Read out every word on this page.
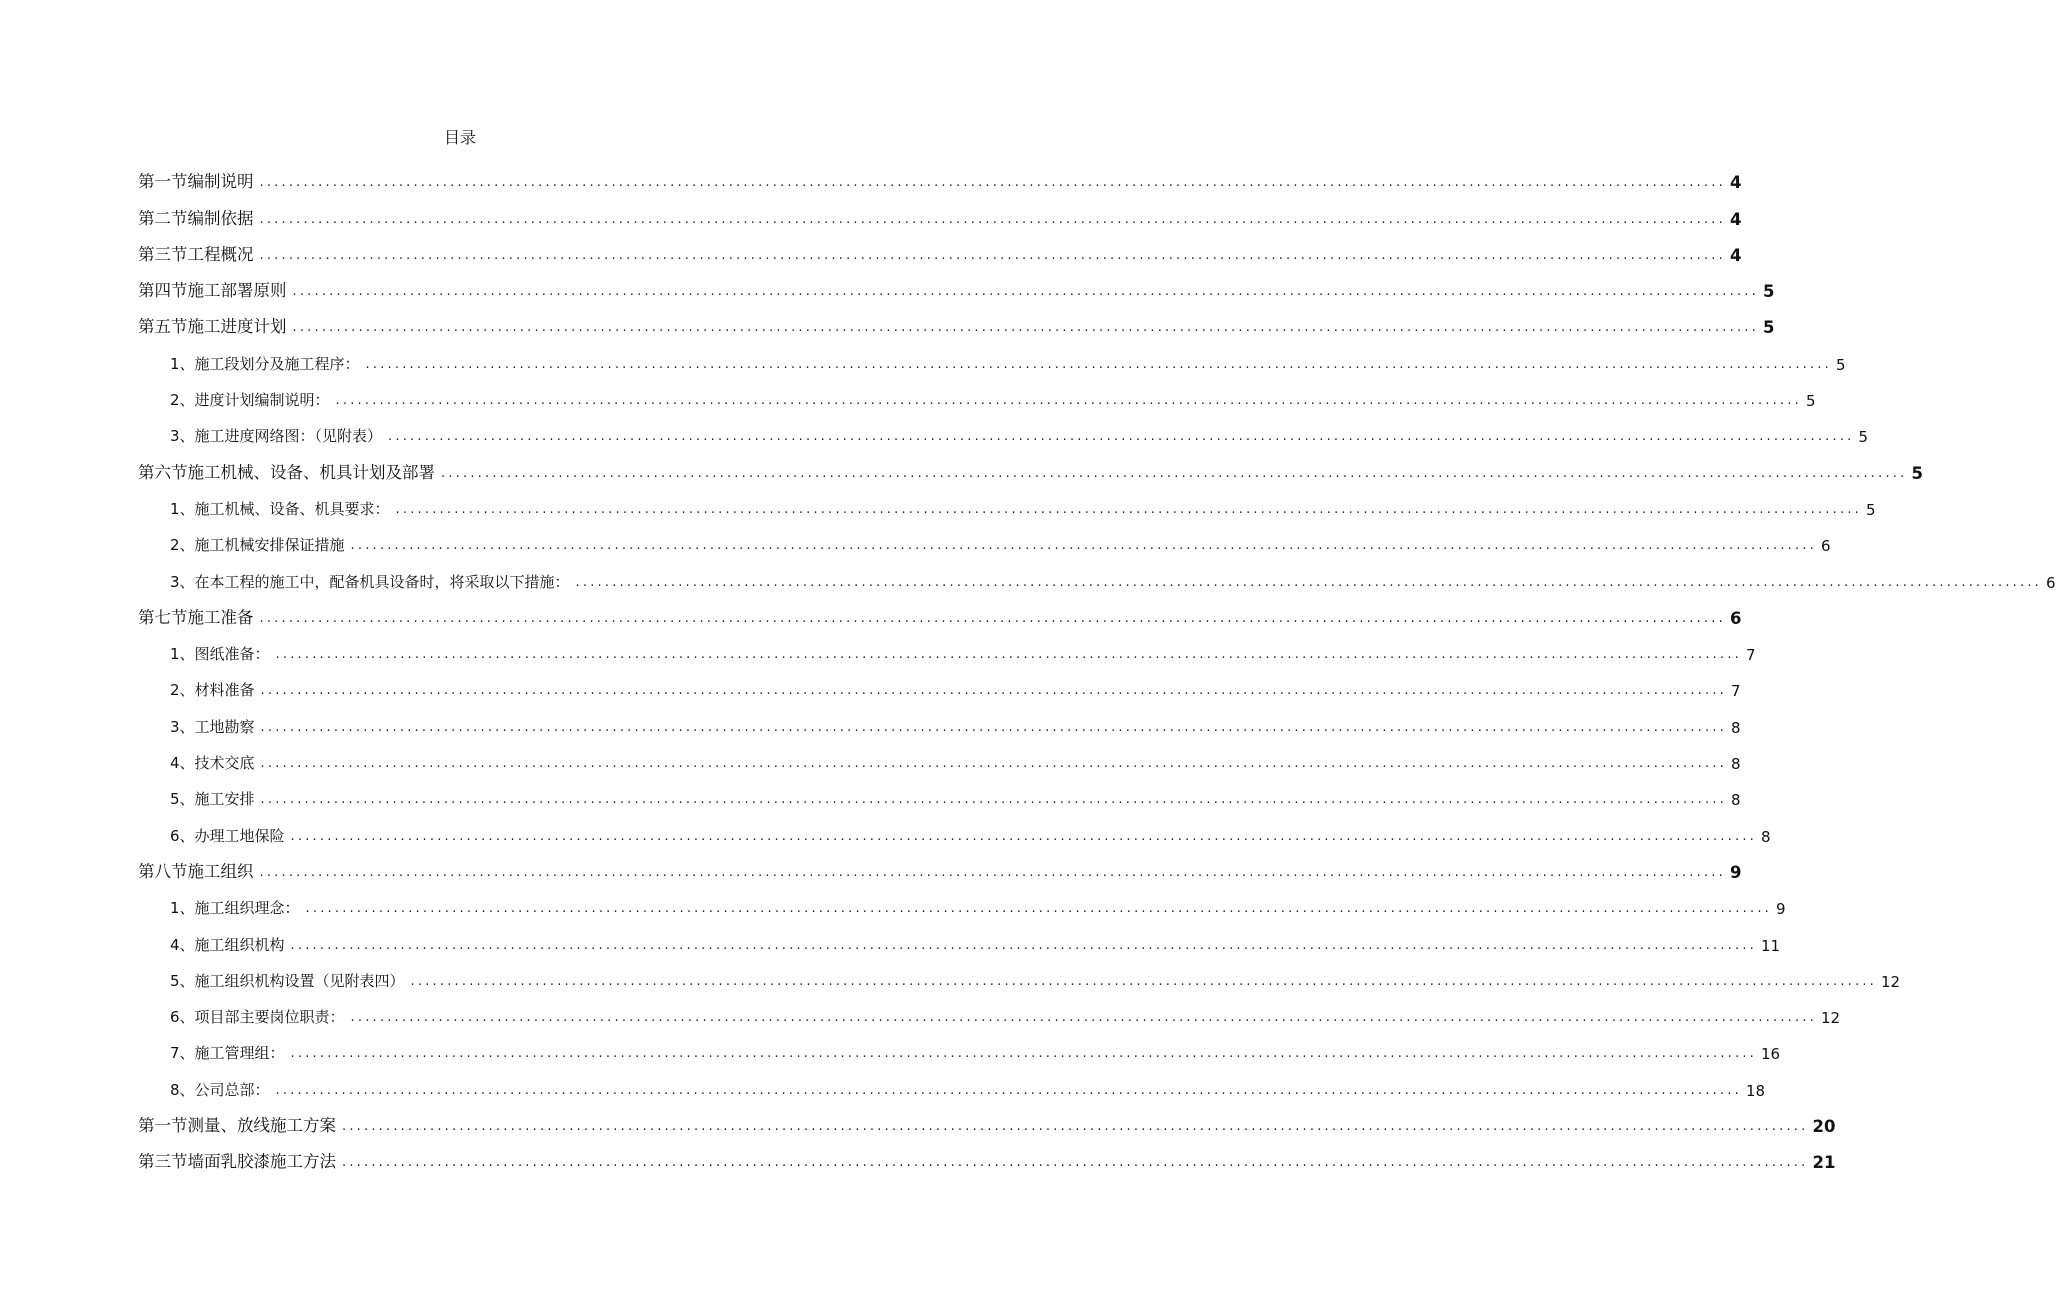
目录
第一节编制说明 ........................................................................................................................................................................................................ 4
第二节编制依据 ........................................................................................................................................................................................................ 4
第三节工程概况 ........................................................................................................................................................................................................ 4
第四节施工部署原则 ........................................................................................................................................................................................................ 5
第五节施工进度计划 ........................................................................................................................................................................................................ 5
1、施工段划分及施工程序： ........................................................................................................................................................................................................ 5
2、进度计划编制说明： ........................................................................................................................................................................................................ 5
3、施工进度网络图：（见附表） ........................................................................................................................................................................................................ 5
第六节施工机械、设备、机具计划及部署 ........................................................................................................................................................................................................ 5
1、施工机械、设备、机具要求： ........................................................................................................................................................................................................ 5
2、施工机械安排保证措施 ........................................................................................................................................................................................................ 6
3、在本工程的施工中，配备机具设备时，将采取以下措施： ........................................................................................................................................................................................................ 6
第七节施工准备 ........................................................................................................................................................................................................ 6
1、图纸准备： ........................................................................................................................................................................................................ 7
2、材料准备 ........................................................................................................................................................................................................ 7
3、工地勘察 ........................................................................................................................................................................................................ 8
4、技术交底 ........................................................................................................................................................................................................ 8
5、施工安排 ........................................................................................................................................................................................................ 8
6、办理工地保险 ........................................................................................................................................................................................................ 8
第八节施工组织 ........................................................................................................................................................................................................ 9
1、施工组织理念： ........................................................................................................................................................................................................ 9
4、施工组织机构 ........................................................................................................................................................................................................ 11
5、施工组织机构设置（见附表四） ........................................................................................................................................................................................................ 12
6、项目部主要岗位职责： ........................................................................................................................................................................................................ 12
7、施工管理组： ........................................................................................................................................................................................................ 16
8、公司总部： ........................................................................................................................................................................................................ 18
第一节测量、放线施工方案 ........................................................................................................................................................................................................ 20
第三节墙面乳胶漆施工方法 ........................................................................................................................................................................................................ 21
